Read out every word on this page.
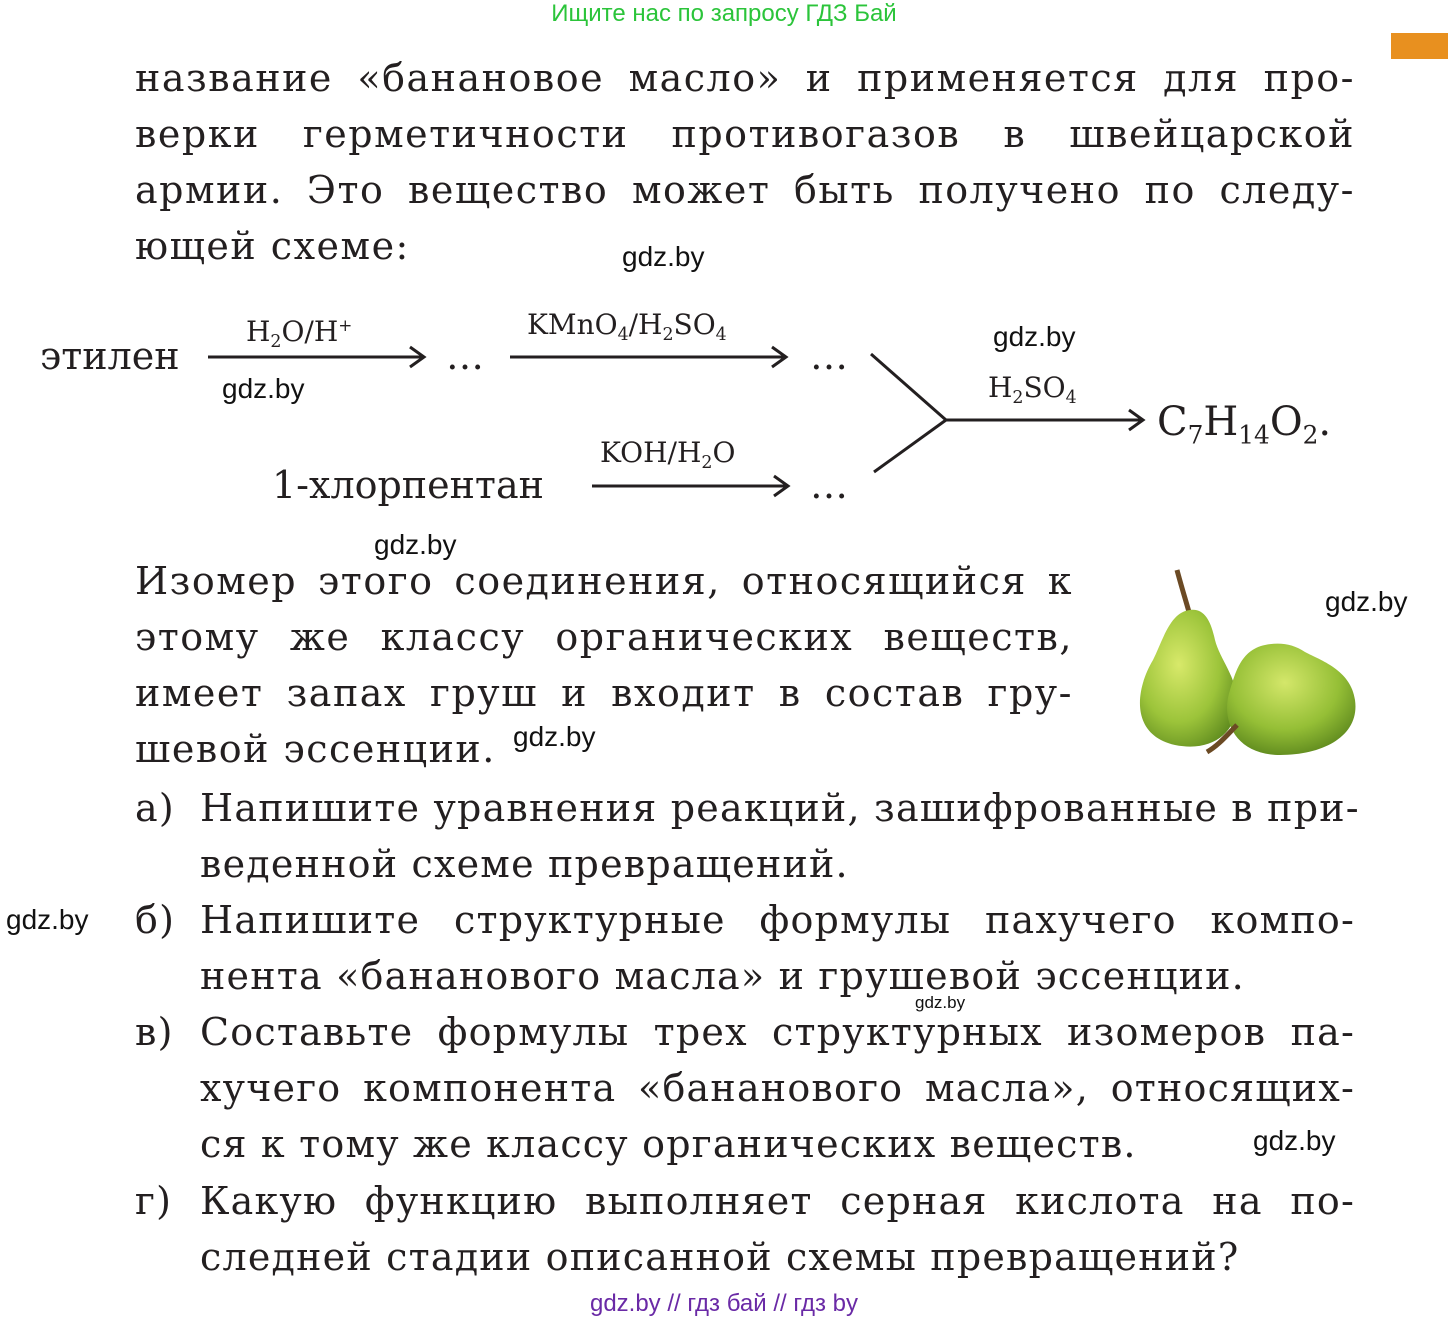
Ищите нас по запросу ГДЗ Бай
название «банановое масло» и применяется для про-
верки герметичности противогазов в швейцарской
армии. Это вещество может быть получено по следу-
ющей схеме:
этилен
$H_2O/H^+$
…
$KMnO_4/H_2SO_4$ …
1-хлорпентан
KOH/$H_2O$
…
$H_2SO_4$
$C_7H_{14}O_2$.
Изомер этого соединения, относящийся к
этому же классу органических веществ,
имеет запах груш и входит в состав гру-
шевой эссенции.
а) Напишите уравнения реакций, зашифрованные в при-
веденной схеме превращений.
б) Напишите структурные формулы пахучего компо-
нента «бананового масла» и грушевой эссенции.
в) Составьте формулы трех структурных изомеров па-
хучего компонента «бананового масла», относящих-
ся к тому же классу органических веществ.
г) Какую функцию выполняет серная кислота на по-
следней стадии описанной схемы превращений?
gdz.by
gdz.by
gdz.by
gdz.by
gdz.by
gdz.by
gdz.by
gdz.by
gdz.by
gdz.by // гдз бай // гдз by
